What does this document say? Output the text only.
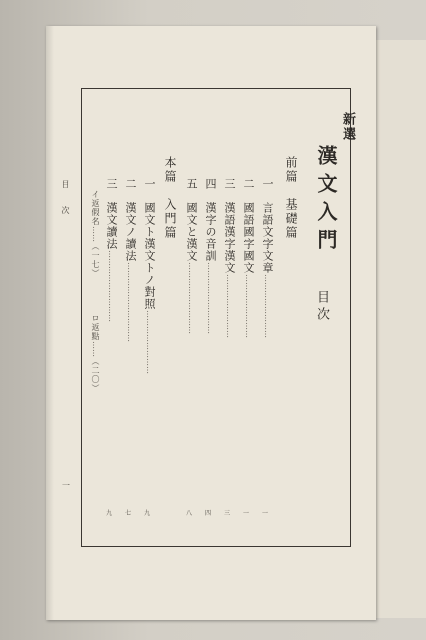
目次
一
新選
漢文入門
目次
前篇　基礎篇
一　言語文字文章……………………
一
二　國語國字國文……………………
一
三　漢語漢字漢文……………………
三
四　漢字の音訓………………………
四
五　國文と漢文………………………
八
本篇　入門篇
一　國文ト漢文トノ對照……………………
九
二　漢文ノ讀法…………………………
七
三　漢文讀法………………………
九
イ返假名……（一七）
ロ返點……（二〇）
